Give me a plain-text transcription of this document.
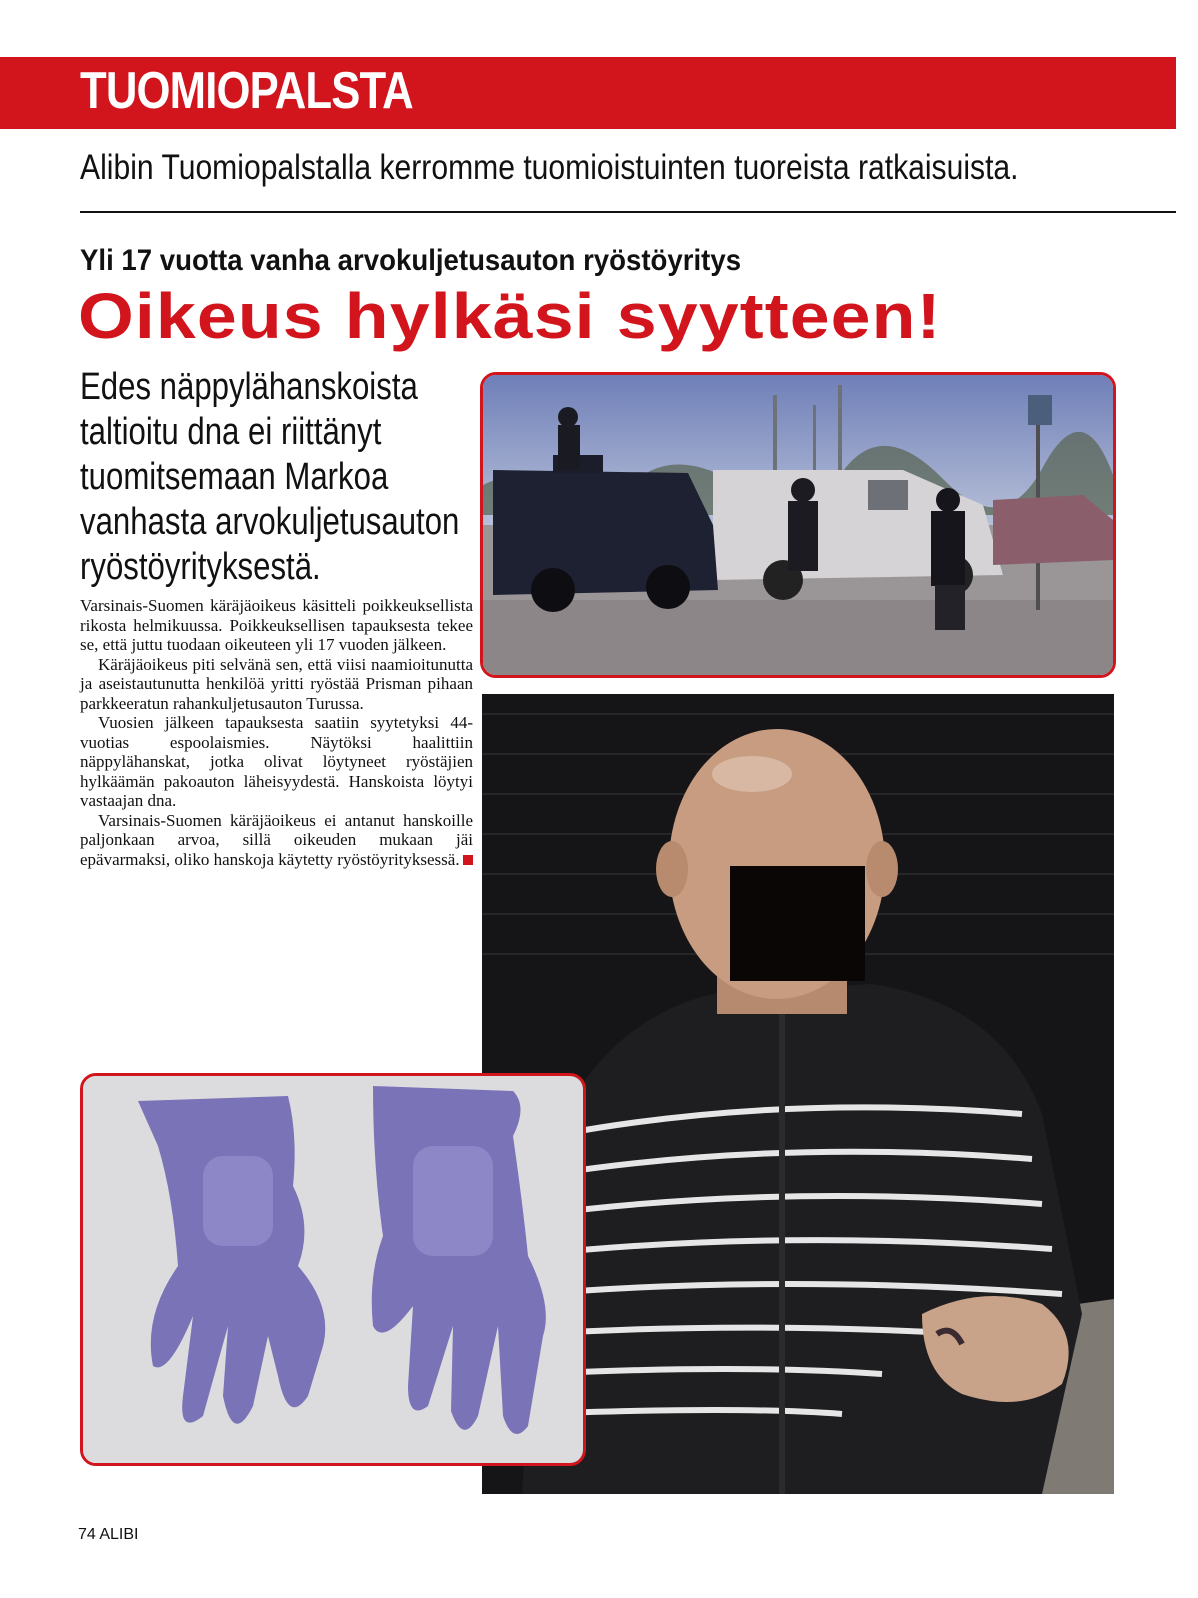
TUOMIOPALSTA
Alibin Tuomiopalstalla kerromme tuomioistuinten tuoreista ratkaisuista.
Yli 17 vuotta vanha arvokuljetusauton ryöstöyritys
Oikeus hylkäsi syytteen!
Edes näppylähanskoista
taltioitu dna ei riittänyt
tuomitsemaan Markoa
vanhasta arvokuljetusauton
ryöstöyrityksestä.

Varsinais-Suomen käräjäoikeus käsitteli poikkeuksellista rikosta helmikuussa. Poikkeuksellisen tapauksesta tekee se, että juttu tuodaan oikeuteen yli 17 vuoden jälkeen.

Käräjäoikeus piti selvänä sen, että viisi naamioitunutta ja aseistautunutta henkilöä yritti ryöstää Prisman pihaan parkkeeratun rahankuljetusauton Turussa.

Vuosien jälkeen tapauksesta saatiin syytetyksi 44-vuotias espoolaismies. Näytöksi haalittiin näppylähanskat, jotka olivat löytyneet ryöstäjien hylkäämän pakoauton läheisyydestä. Hanskoista löytyi vastaajan dna.

Varsinais-Suomen käräjäoikeus ei antanut hanskoille paljonkaan arvoa, sillä oikeuden mukaan jäi epävarmaksi, oliko hanskoja käytetty ryöstöyrityksessä.

74 ALIBI
